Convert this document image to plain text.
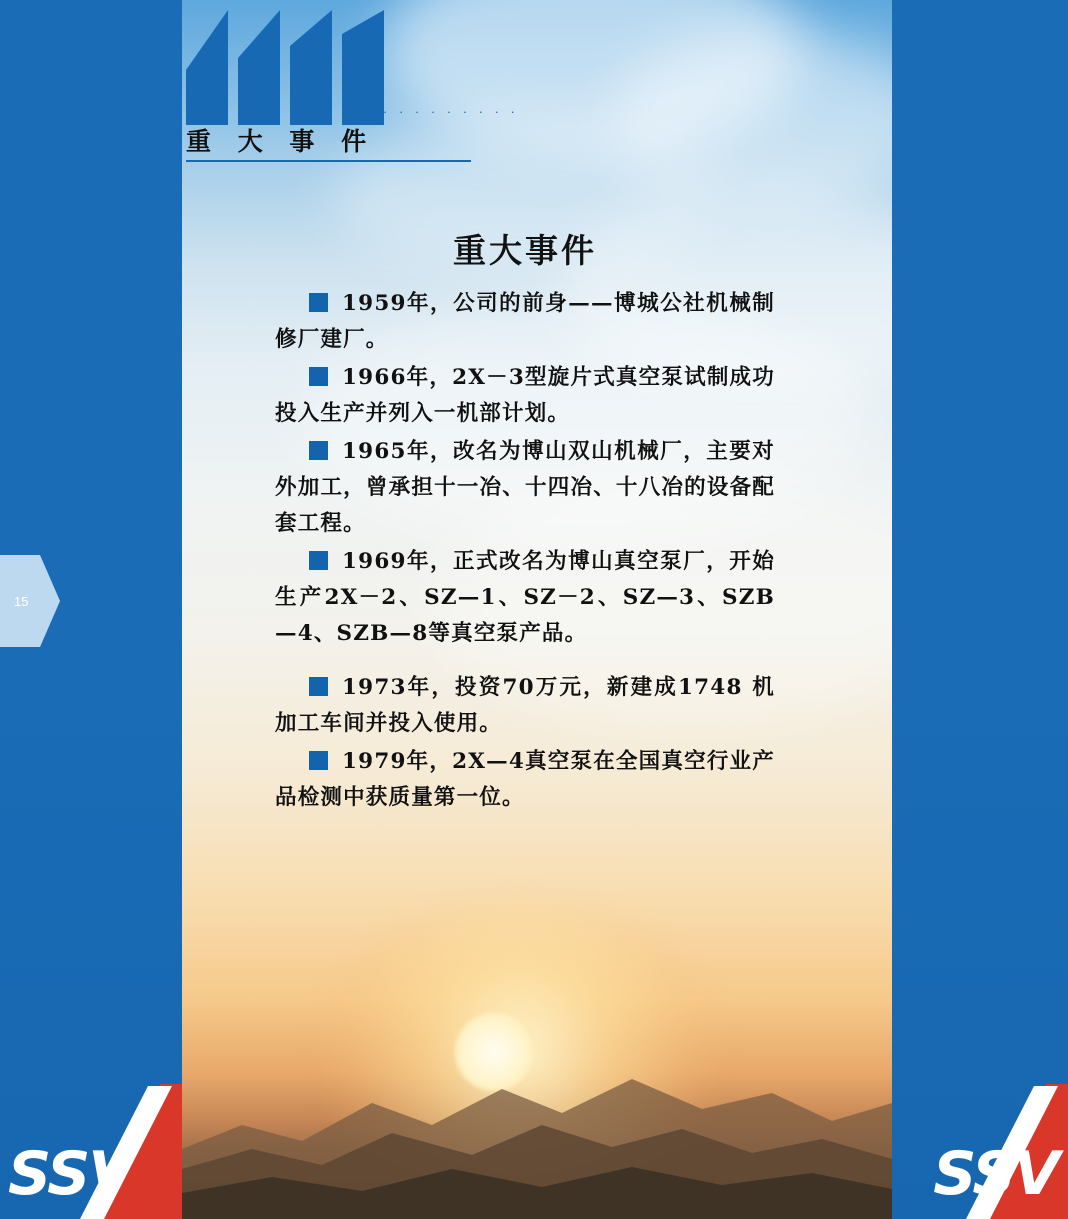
15
· · · · · · · · ·
重 大 事 件
重大事件

1959年，公司的前身——博城公社机械制修厂建厂。

1966年，2X－3型旋片式真空泵试制成功投入生产并列入一机部计划。

1965年，改名为博山双山机械厂，主要对外加工，曾承担十一冶、十四冶、十八冶的设备配套工程。

1969年，正式改名为博山真空泵厂，开始生产2X－2、SZ—1、SZ－2、SZ—3、SZB—4、SZB—8等真空泵产品。

1973年，投资70万元，新建成1748 机加工车间并投入使用。

1979年，2X—4真空泵在全国真空行业产品检测中获质量第一位。

SSV	SSV
